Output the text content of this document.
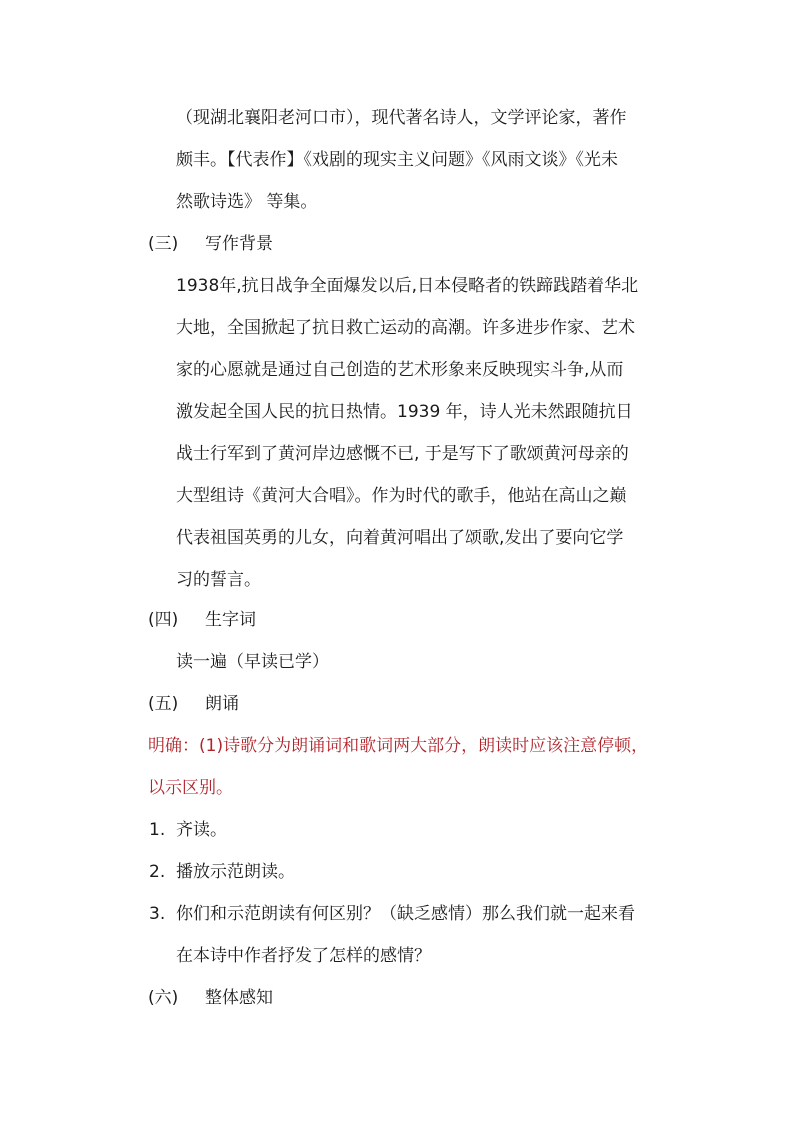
（现湖北襄阳老河口市），现代著名诗人，文学评论家，著作
颇丰。【代表作】《戏剧的现实主义问题》《风雨文谈》《光未
然歌诗选》 等集。
(三) 写作背景
1938年,抗日战争全面爆发以后,日本侵略者的铁蹄践踏着华北
大地，全国掀起了抗日救亡运动的高潮。许多进步作家、艺术
家的心愿就是通过自己创造的艺术形象来反映现实斗争,从而
激发起全国人民的抗日热情。1939 年，诗人光未然跟随抗日
战士行军到了黄河岸边感慨不已, 于是写下了歌颂黄河母亲的
大型组诗《黄河大合唱》。作为时代的歌手，他站在高山之巅
代表祖国英勇的儿女，向着黄河唱出了颂歌,发出了要向它学
习的誓言。
(四) 生字词
读一遍（早读已学）
(五) 朗诵
明确：(1)诗歌分为朗诵词和歌词两大部分，朗读时应该注意停顿，
以示区别。
1. 齐读。
2. 播放示范朗读。
3. 你们和示范朗读有何区别？（缺乏感情）那么我们就一起来看
在本诗中作者抒发了怎样的感情？
(六) 整体感知
